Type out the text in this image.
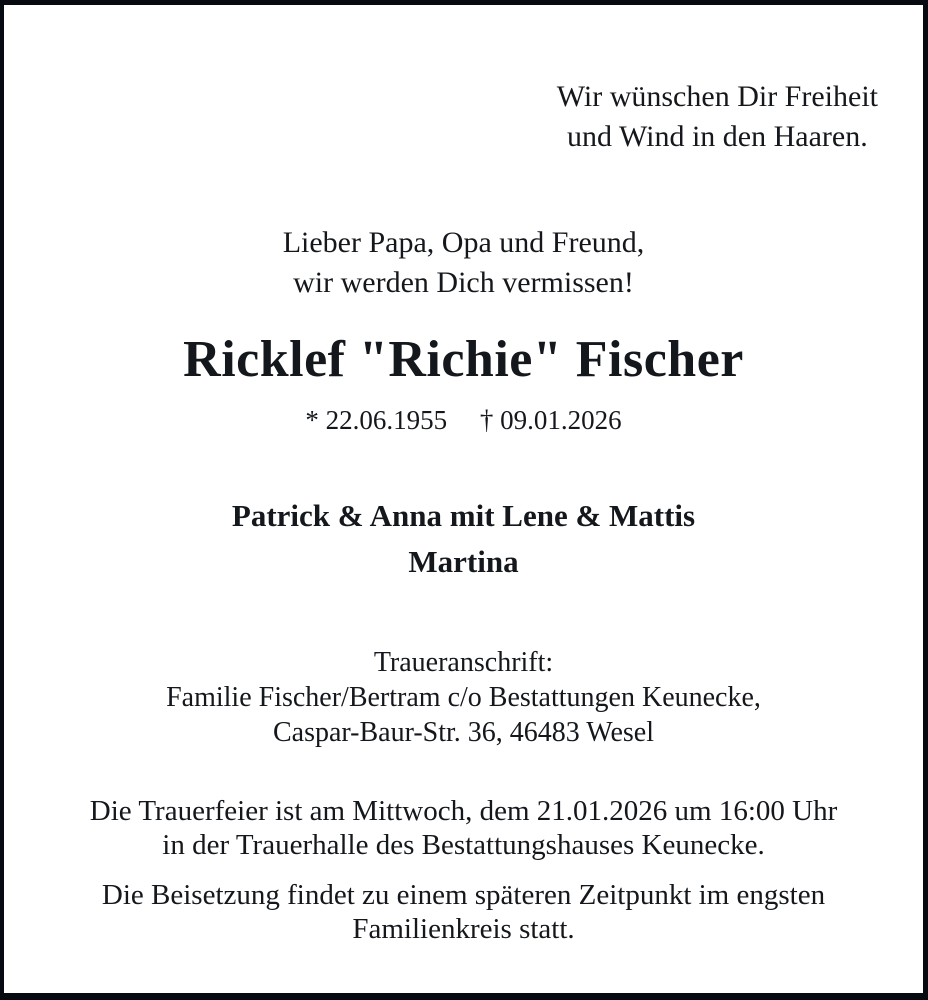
Wir wünschen Dir Freiheit
und Wind in den Haaren.
Lieber Papa, Opa und Freund,
wir werden Dich vermissen!
Ricklef "Richie" Fischer
* 22.06.1955 † 09.01.2026
Patrick & Anna mit Lene & Mattis
Martina
Traueranschrift:
Familie Fischer/Bertram c/o Bestattungen Keunecke,
Caspar-Baur-Str. 36, 46483 Wesel
Die Trauerfeier ist am Mittwoch, dem 21.01.2026 um 16:00 Uhr
in der Trauerhalle des Bestattungshauses Keunecke.
Die Beisetzung findet zu einem späteren Zeitpunkt im engsten
Familienkreis statt.
